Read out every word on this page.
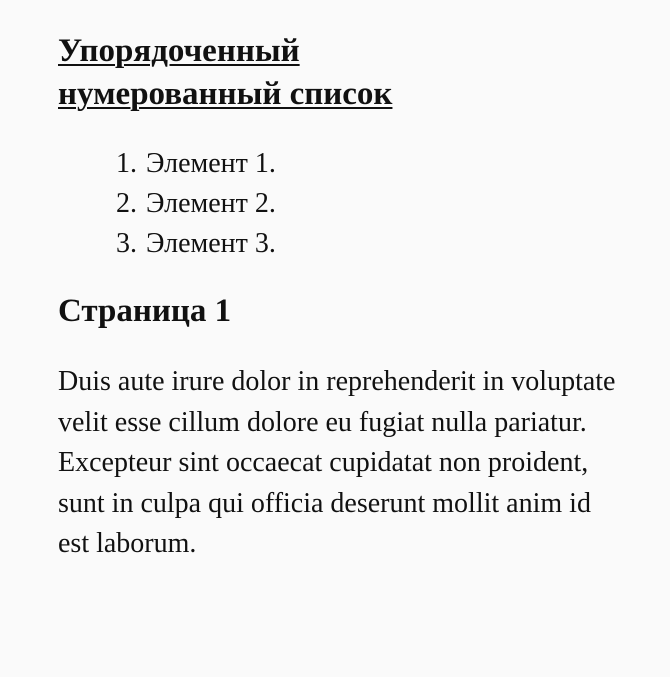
Упорядоченный нумерованный список
1. Элемент 1.
2. Элемент 2.
3. Элемент 3.
Страница 1

Duis aute irure dolor in reprehenderit in voluptate velit esse cillum dolore eu fugiat nulla pariatur. Excepteur sint occaecat cupidatat non proident, sunt in culpa qui officia deserunt mollit anim id est laborum.
